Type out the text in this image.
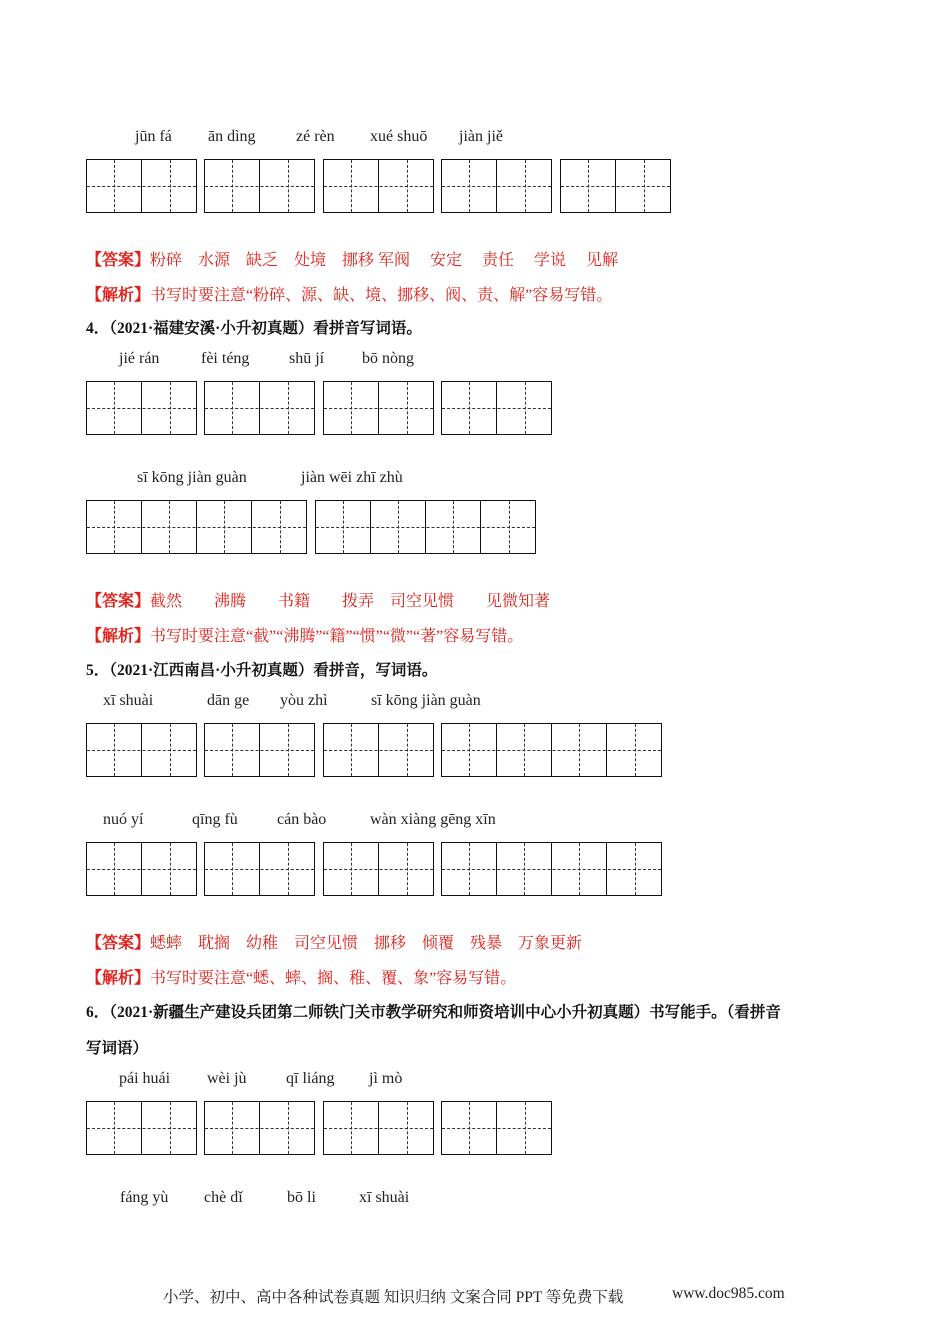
jūn fá ān dìng	zé rèn xué shuō jiàn jiě
【答案】粉碎　水源　缺乏　处境　挪移 军阀　 安定　 责任　 学说　 见解
【解析】书写时要注意“粉碎、源、缺、境、挪移、阀、责、解”容易写错。
4．（2021·福建安溪·小升初真题）看拼音写词语。
jié rán	fèi téng shū jí bō nòng
sī kōng jiàn guàn	jiàn wēi zhī zhù
【答案】截然　　沸腾　　书籍　　拨弄　司空见惯　　见微知著
【解析】书写时要注意“截”“沸腾”“籍”“惯”“微”“著”容易写错。
5．（2021·江西南昌·小升初真题）看拼音，写词语。
xī shuài	dān ge yòu zhì	sī kōng jiàn guàn
nuó yí	qīng fù cán bào	wàn xiàng gēng xīn
【答案】蟋蟀　耽搁　幼稚　司空见惯　挪移　倾覆　残暴　万象更新
【解析】书写时要注意“蟋、蟀、搁、稚、覆、象”容易写错。
6．（2021·新疆生产建设兵团第二师铁门关市教学研究和师资培训中心小升初真题）书写能手。（看拼音
写词语）
pái huái wèi jù qī liáng jì mò
fáng yù chè dǐ	bō li	xī shuài
小学、初中、高中各种试卷真题 知识归纳 文案合同 PPT 等免费下载	www.doc985.com
